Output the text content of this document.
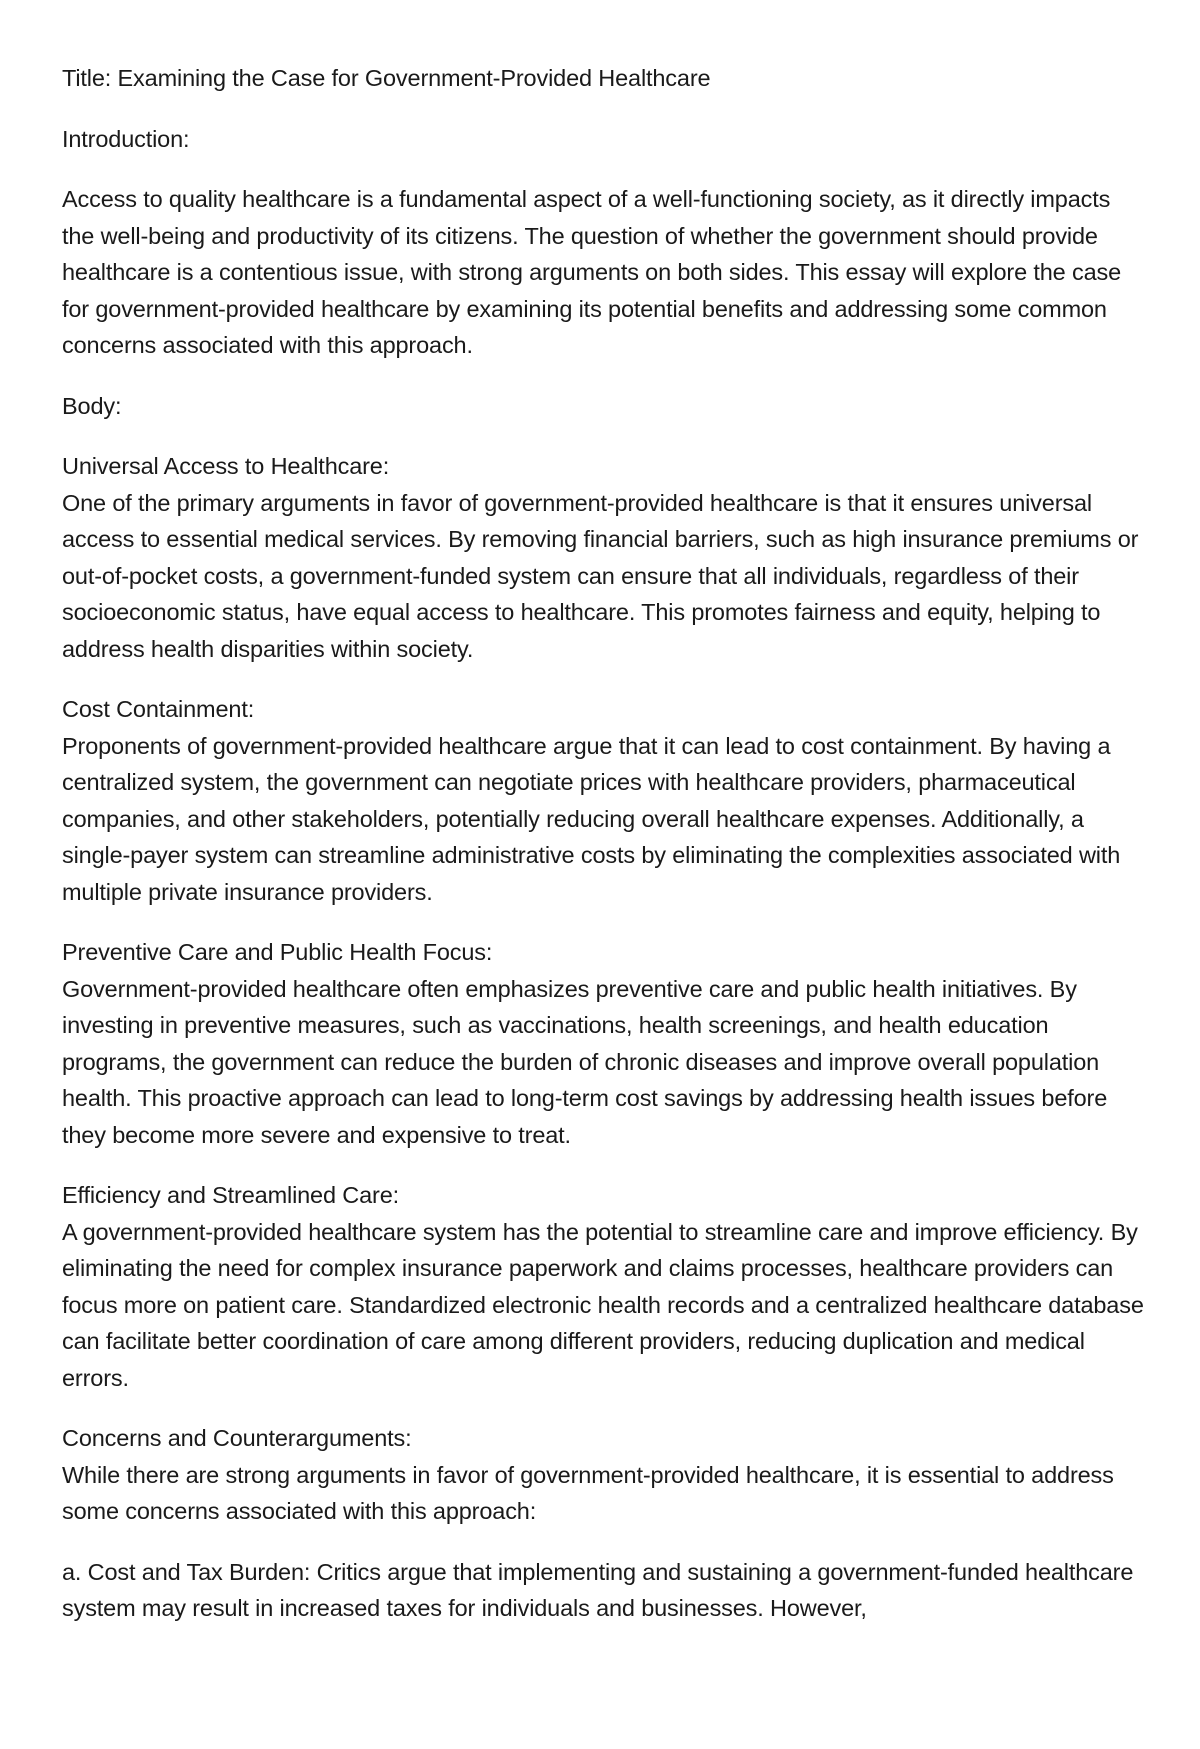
Title: Examining the Case for Government-Provided Healthcare

Introduction:

Access to quality healthcare is a fundamental aspect of a well-functioning society, as it directly impacts the well-being and productivity of its citizens. The question of whether the government should provide healthcare is a contentious issue, with strong arguments on both sides. This essay will explore the case for government-provided healthcare by examining its potential benefits and addressing some common concerns associated with this approach.

Body:

Universal Access to Healthcare:
One of the primary arguments in favor of government-provided healthcare is that it ensures universal access to essential medical services. By removing financial barriers, such as high insurance premiums or out-of-pocket costs, a government-funded system can ensure that all individuals, regardless of their socioeconomic status, have equal access to healthcare. This promotes fairness and equity, helping to address health disparities within society.

Cost Containment:
Proponents of government-provided healthcare argue that it can lead to cost containment. By having a centralized system, the government can negotiate prices with healthcare providers, pharmaceutical companies, and other stakeholders, potentially reducing overall healthcare expenses. Additionally, a single-payer system can streamline administrative costs by eliminating the complexities associated with multiple private insurance providers.

Preventive Care and Public Health Focus:
Government-provided healthcare often emphasizes preventive care and public health initiatives. By investing in preventive measures, such as vaccinations, health screenings, and health education programs, the government can reduce the burden of chronic diseases and improve overall population health. This proactive approach can lead to long-term cost savings by addressing health issues before they become more severe and expensive to treat.

Efficiency and Streamlined Care:
A government-provided healthcare system has the potential to streamline care and improve efficiency. By eliminating the need for complex insurance paperwork and claims processes, healthcare providers can focus more on patient care. Standardized electronic health records and a centralized healthcare database can facilitate better coordination of care among different providers, reducing duplication and medical errors.

Concerns and Counterarguments:
While there are strong arguments in favor of government-provided healthcare, it is essential to address some concerns associated with this approach:

a. Cost and Tax Burden: Critics argue that implementing and sustaining a government-funded healthcare system may result in increased taxes for individuals and businesses. However,
